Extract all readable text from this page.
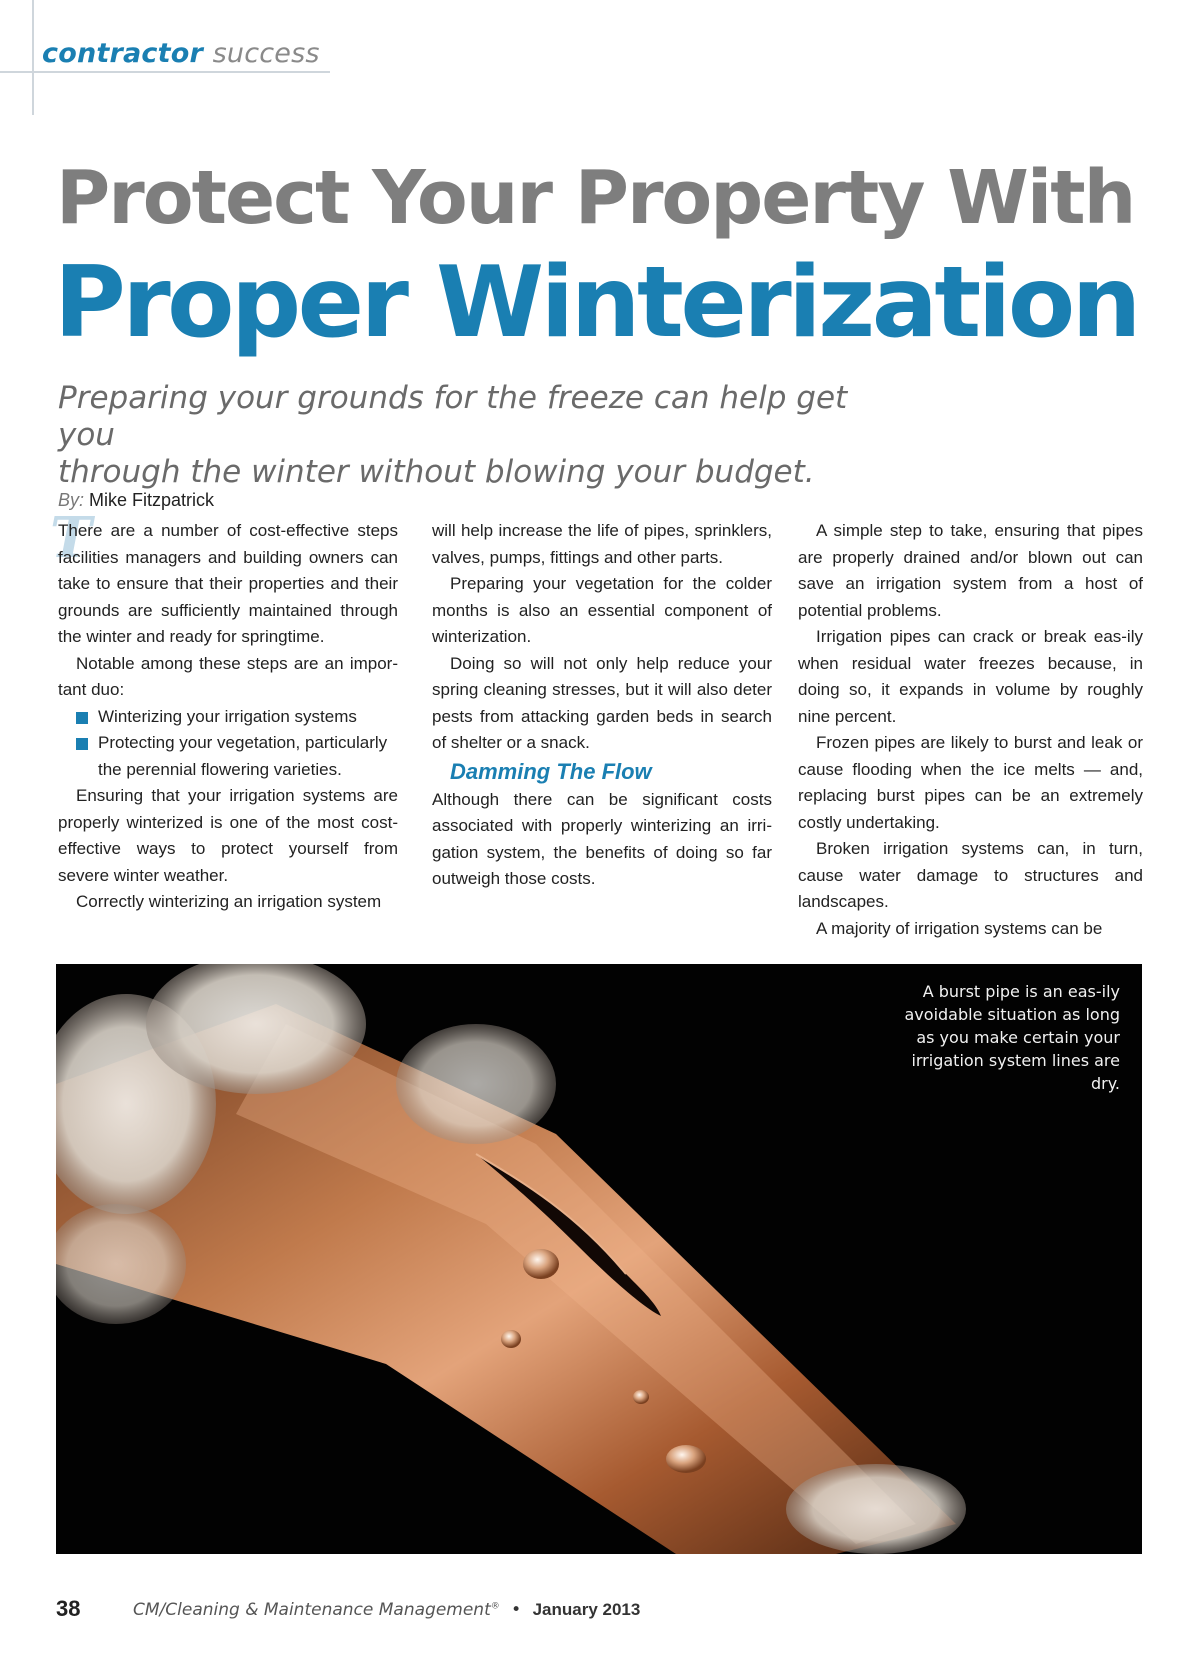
contractor success
Protect Your Property With
Proper Winterization
Preparing your grounds for the freeze can help get you
through the winter without blowing your budget.
By: Mike Fitzpatrick
T

There are a number of cost-effective steps facilities managers and building owners can take to ensure that their properties and their grounds are sufficiently maintained through the winter and ready for springtime.

Notable among these steps are an impor-tant duo:

Winterizing your irrigation systems
Protecting your vegetation, particularly the perennial flowering varieties.

Ensuring that your irrigation systems are properly winterized is one of the most cost-effective ways to protect yourself from severe winter weather.

Correctly winterizing an irrigation system

will help increase the life of pipes, sprinklers, valves, pumps, fittings and other parts.

Preparing your vegetation for the colder months is also an essential component of winterization.

Doing so will not only help reduce your spring cleaning stresses, but it will also deter pests from attacking garden beds in search of shelter or a snack.

Damming The Flow

Although there can be significant costs associated with properly winterizing an irri-gation system, the benefits of doing so far outweigh those costs.

A simple step to take, ensuring that pipes are properly drained and/or blown out can save an irrigation system from a host of potential problems.

Irrigation pipes can crack or break eas-ily when residual water freezes because, in doing so, it expands in volume by roughly nine percent.

Frozen pipes are likely to burst and leak or cause flooding when the ice melts — and, replacing burst pipes can be an extremely costly undertaking.

Broken irrigation systems can, in turn, cause water damage to structures and landscapes.

A majority of irrigation systems can be

A burst pipe is an eas-ily avoidable situation as long as you make certain your irrigation system lines are dry.
38	CM/Cleaning & Maintenance Management® • January 2013
